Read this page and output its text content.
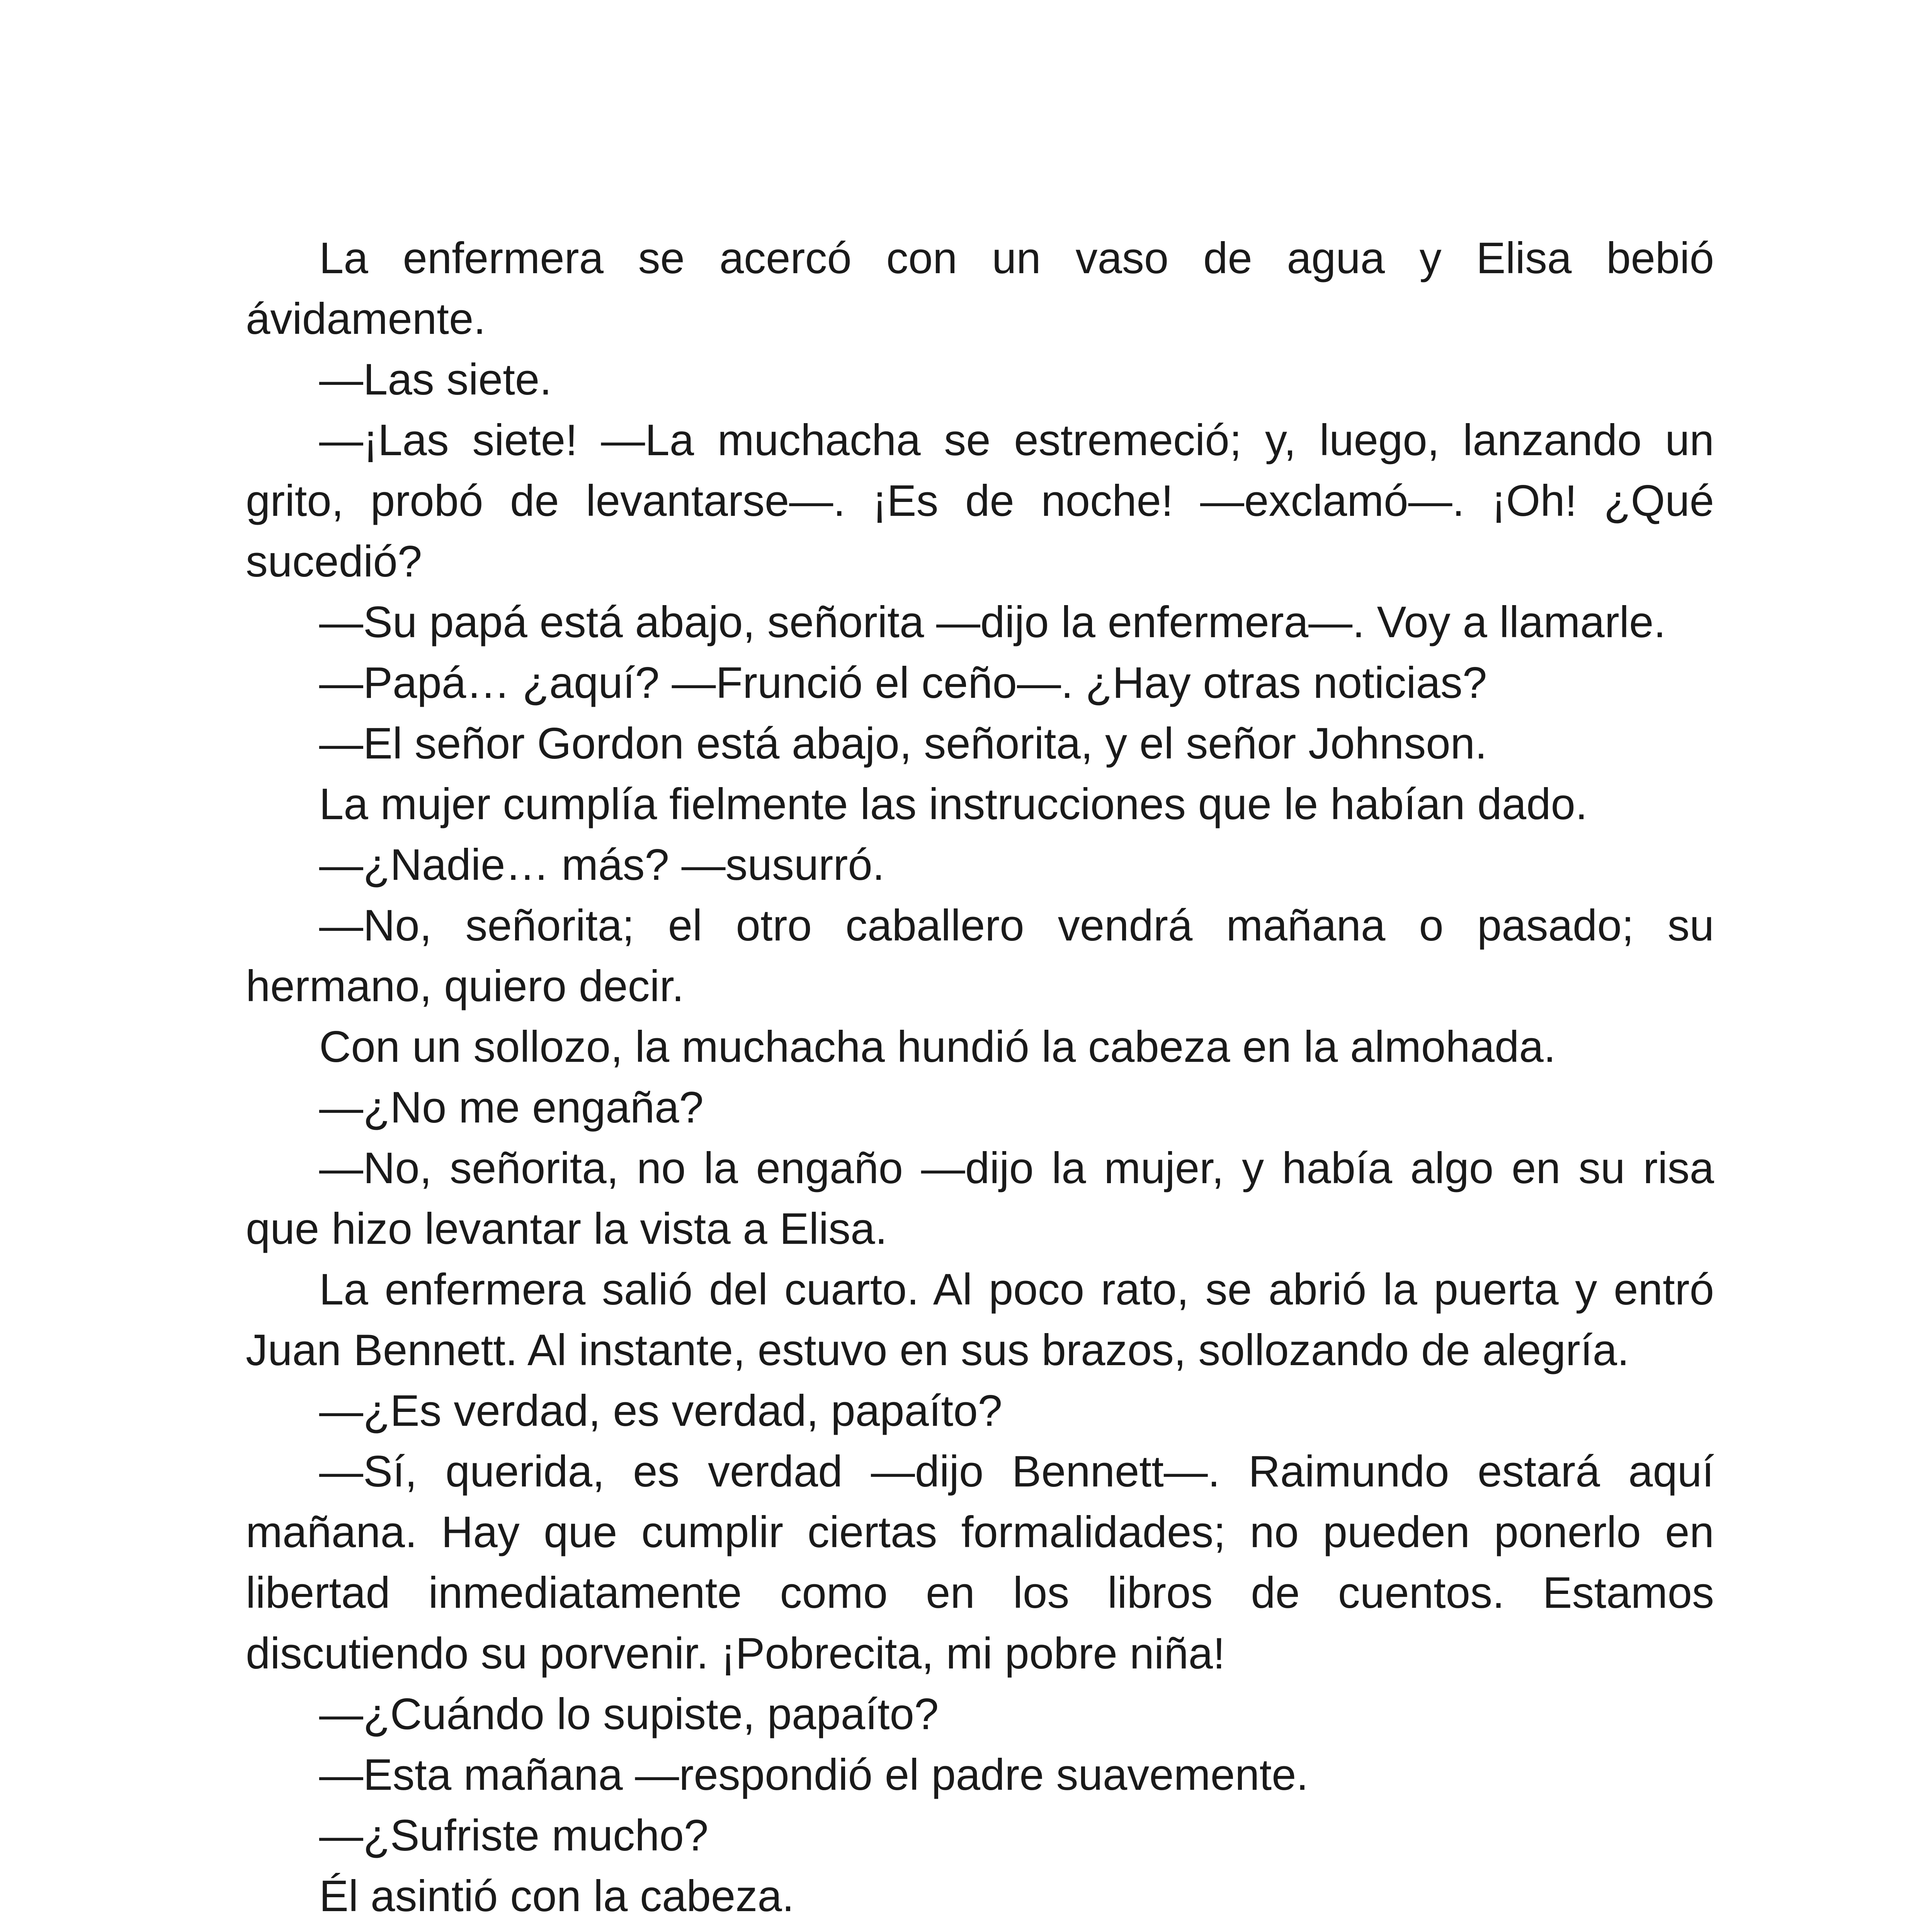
La enfermera se acercó con un vaso de agua y Elisa bebió ávidamente.

—Las siete.

—¡Las siete! —La muchacha se estremeció; y, luego, lanzando un grito, probó de levantarse—. ¡Es de noche! —exclamó—. ¡Oh! ¿Qué sucedió?

—Su papá está abajo, señorita —dijo la enfermera—. Voy a llamarle.

—Papá… ¿aquí? —Frunció el ceño—. ¿Hay otras noticias?

—El señor Gordon está abajo, señorita, y el señor Johnson.

La mujer cumplía fielmente las instrucciones que le habían dado.

—¿Nadie… más? —susurró.

—No, señorita; el otro caballero vendrá mañana o pasado; su hermano, quiero decir.

Con un sollozo, la muchacha hundió la cabeza en la almohada.

—¿No me engaña?

—No, señorita, no la engaño —dijo la mujer, y había algo en su risa que hizo levantar la vista a Elisa.

La enfermera salió del cuarto. Al poco rato, se abrió la puerta y entró Juan Bennett. Al instante, estuvo en sus brazos, sollozando de alegría.

—¿Es verdad, es verdad, papaíto?

—Sí, querida, es verdad —dijo Bennett—. Raimundo estará aquí mañana. Hay que cumplir ciertas formalidades; no pueden ponerlo en libertad inmediatamente como en los libros de cuentos. Estamos discutiendo su porvenir. ¡Pobrecita, mi pobre niña!

—¿Cuándo lo supiste, papaíto?

—Esta mañana —respondió el padre suavemente.

—¿Sufriste mucho?

Él asintió con la cabeza.
